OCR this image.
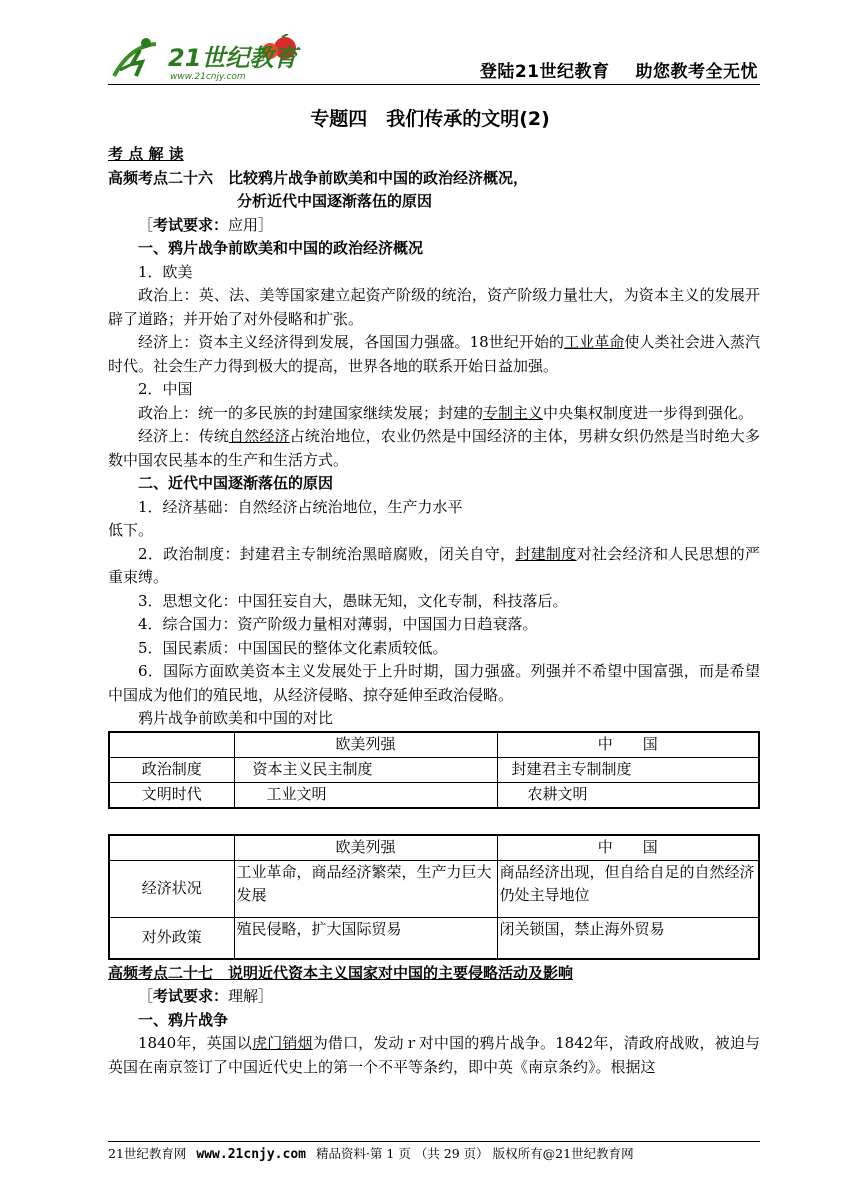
21世纪教育
www.21cnjy.com	登陆21世纪教育 助您教考全无忧
专题四　我们传承的文明(2)
考 点 解 读
高频考点二十六　比较鸦片战争前欧美和中国的政治经济概况，
分析近代中国逐渐落伍的原因
［考试要求：应用］
一、鸦片战争前欧美和中国的政治经济概况
1．欧美
政治上：英、法、美等国家建立起资产阶级的统治，资产阶级力量壮大，为资本主义的发展开辟了道路；并开始了对外侵略和扩张。
经济上：资本主义经济得到发展，各国国力强盛。18世纪开始的工业革命使人类社会进入蒸汽时代。社会生产力得到极大的提高，世界各地的联系开始日益加强。
2．中国
政治上：统一的多民族的封建国家继续发展；封建的专制主义中央集权制度进一步得到强化。
经济上：传统自然经济占统治地位，农业仍然是中国经济的主体，男耕女织仍然是当时绝大多数中国农民基本的生产和生活方式。
二、近代中国逐渐落伍的原因
1．经济基础：自然经济占统治地位，生产力水平
低下。
2．政治制度：封建君主专制统治黑暗腐败，闭关自守，封建制度对社会经济和人民思想的严重束缚。
3．思想文化：中国狂妄自大，愚昧无知，文化专制，科技落后。
4．综合国力：资产阶级力量相对薄弱，中国国力日趋衰落。
5．国民素质：中国国民的整体文化素质较低。
6．国际方面欧美资本主义发展处于上升时期，国力强盛。列强并不希望中国富强，而是希望中国成为他们的殖民地，从经济侵略、掠夺延伸至政治侵略。
鸦片战争前欧美和中国的对比
	欧美列强	中　　国
政治制度	资本主义民主制度	封建君主专制制度
文明时代	工业文明	农耕文明
	欧美列强	中　　国
经济状况	工业革命，商品经济繁荣，生产力巨大发展	商品经济出现，但自给自足的自然经济仍处主导地位
对外政策	殖民侵略，扩大国际贸易	闭关锁国，禁止海外贸易
高频考点二十七　说明近代资本主义国家对中国的主要侵略活动及影响
［考试要求：理解］
一、鸦片战争
1840年，英国以虎门销烟为借口，发动ｒ对中国的鸦片战争。1842年，清政府战败，被迫与英国在南京签订了中国近代史上的第一个不平等条约，即中英《南京条约》。根据这
21世纪教育网 www.21cnjy.com 精品资料·第 1 页 （共 29 页） 版权所有@21世纪教育网
